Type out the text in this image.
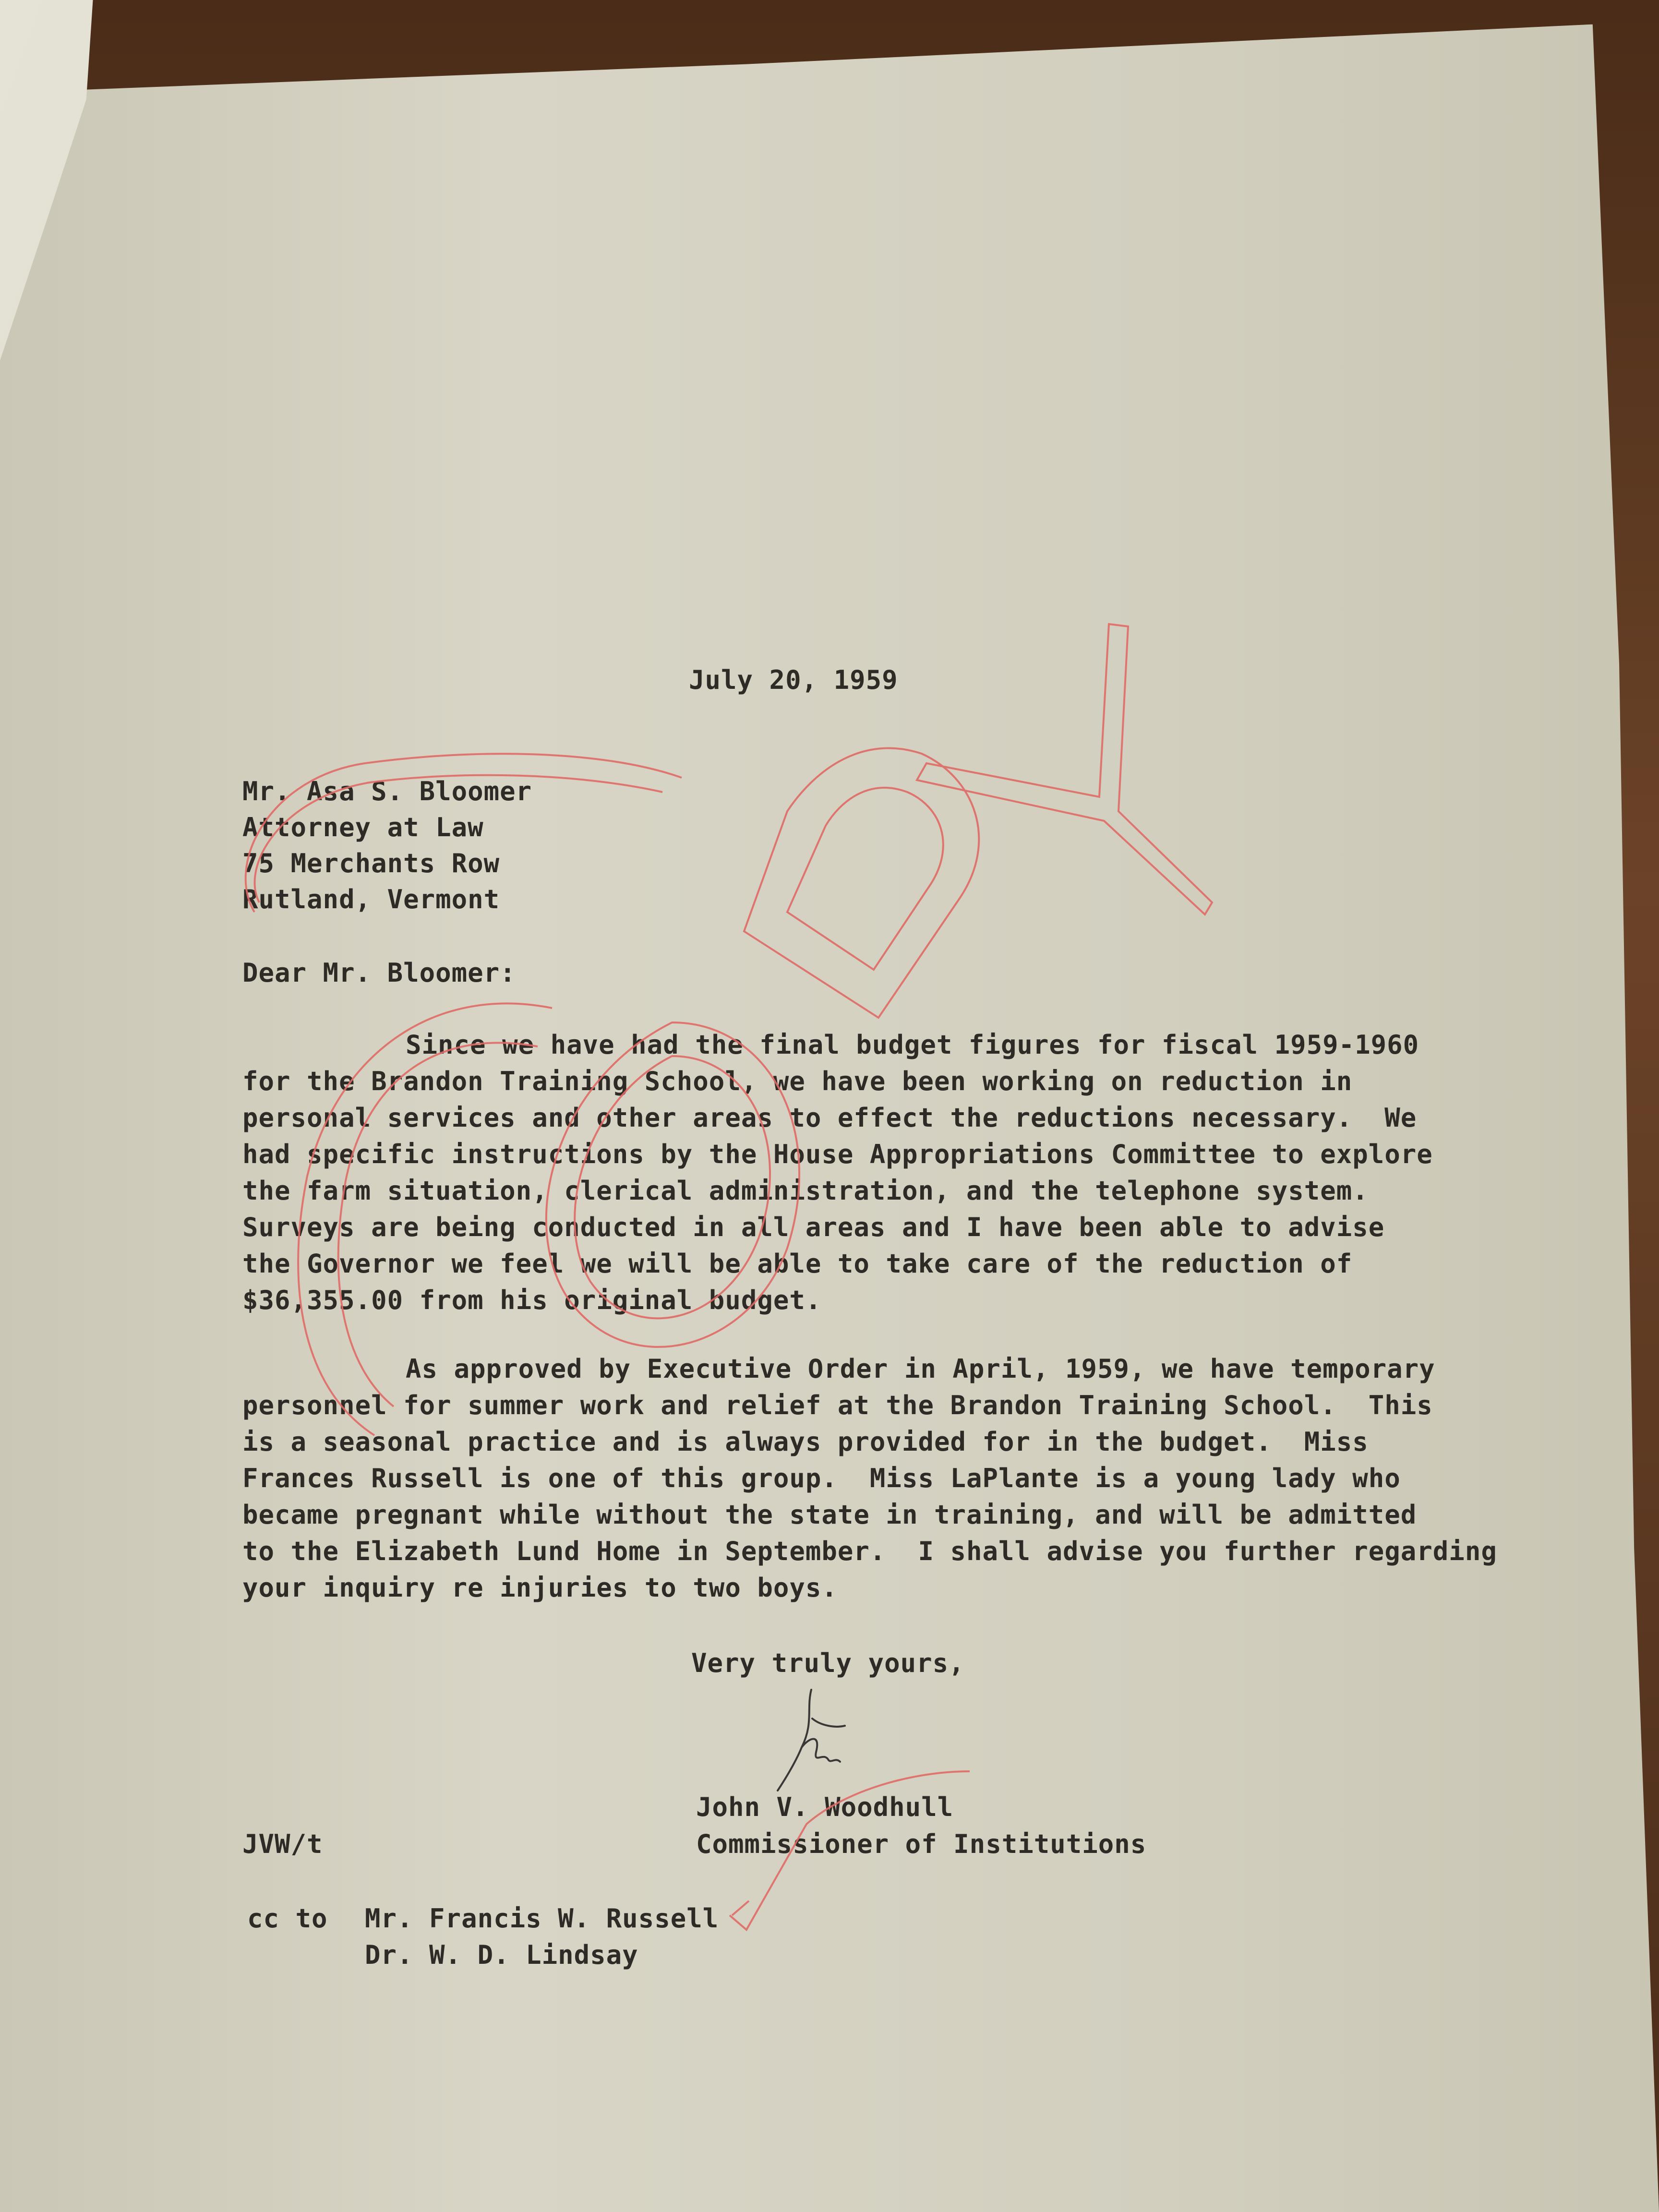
July 20, 1959
Mr. Asa S. Bloomer
Attorney at Law
75 Merchants Row
Rutland, Vermont
Dear Mr. Bloomer:
Since we have had the final budget figures for fiscal 1959-1960
for the Brandon Training School, we have been working on reduction in
personal services and other areas to effect the reductions necessary.  We
had specific instructions by the House Appropriations Committee to explore
the farm situation, clerical administration, and the telephone system.
Surveys are being conducted in all areas and I have been able to advise
the Governor we feel we will be able to take care of the reduction of
$36,355.00 from his original budget.
As approved by Executive Order in April, 1959, we have temporary
personnel for summer work and relief at the Brandon Training School.  This
is a seasonal practice and is always provided for in the budget.  Miss
Frances Russell is one of this group.  Miss LaPlante is a young lady who
became pregnant while without the state in training, and will be admitted
to the Elizabeth Lund Home in September.  I shall advise you further regarding
your inquiry re injuries to two boys.
Very truly yours,
John V. Woodhull
JVW/t	Commissioner of Institutions
cc to Mr. Francis W. Russell
Dr. W. D. Lindsay
